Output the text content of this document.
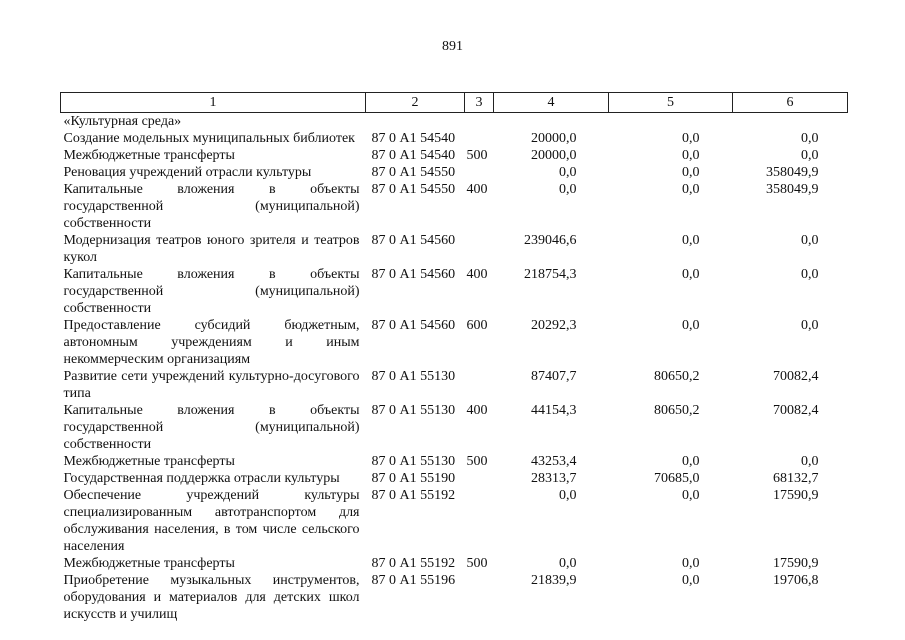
891
1	2	3	4	5	6
«Культурная среда»					
Создание модельных муниципальных библиотек	87 0 А1 54540		20000,0	0,0	0,0
Межбюджетные трансферты	87 0 А1 54540	500	20000,0	0,0	0,0
Реновация учреждений отрасли культуры	87 0 А1 54550		0,0	0,0	358049,9
Капитальные вложения в объекты государственной (муниципальной) собственности	87 0 А1 54550	400	0,0	0,0	358049,9
Модернизация театров юного зрителя и театров кукол	87 0 А1 54560		239046,6	0,0	0,0
Капитальные вложения в объекты государственной (муниципальной) собственности	87 0 А1 54560	400	218754,3	0,0	0,0
Предоставление субсидий бюджетным, автономным учреждениям и иным некоммерческим организациям	87 0 А1 54560	600	20292,3	0,0	0,0
Развитие сети учреждений культурно-досугового типа	87 0 А1 55130		87407,7	80650,2	70082,4
Капитальные вложения в объекты государственной (муниципальной) собственности	87 0 А1 55130	400	44154,3	80650,2	70082,4
Межбюджетные трансферты	87 0 А1 55130	500	43253,4	0,0	0,0
Государственная поддержка отрасли культуры	87 0 А1 55190		28313,7	70685,0	68132,7
Обеспечение учреждений культуры специализированным автотранспортом для обслуживания населения, в том числе сельского населения	87 0 А1 55192		0,0	0,0	17590,9
Межбюджетные трансферты	87 0 А1 55192	500	0,0	0,0	17590,9
Приобретение музыкальных инструментов, оборудования и материалов для детских школ искусств и училищ	87 0 А1 55196		21839,9	0,0	19706,8
